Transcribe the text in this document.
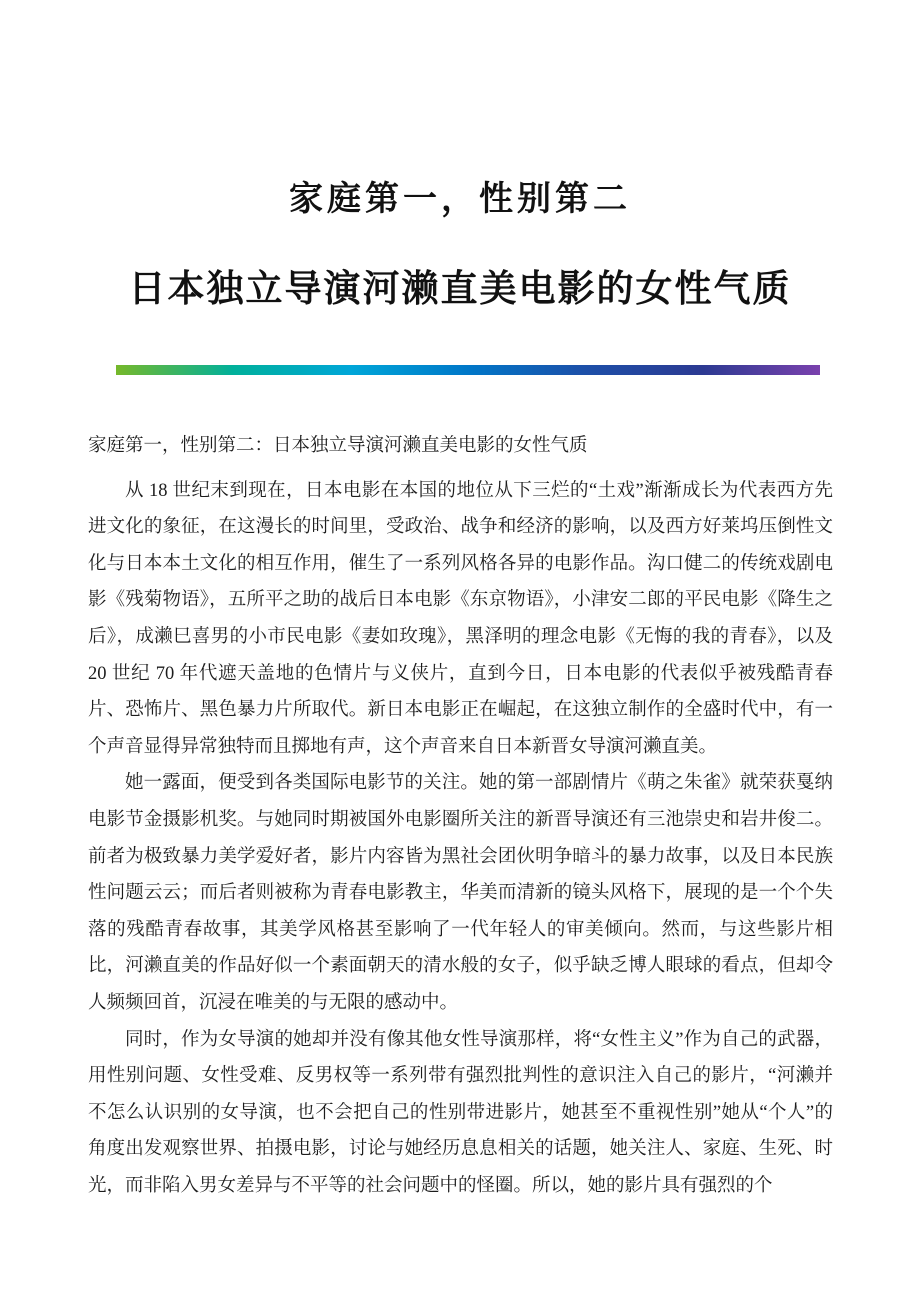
家庭第一，性别第二
日本独立导演河濑直美电影的女性气质
家庭第一，性别第二：日本独立导演河濑直美电影的女性气质

从 18 世纪末到现在，日本电影在本国的地位从下三烂的“土戏”渐渐成长为代表西方先进文化的象征，在这漫长的时间里，受政治、战争和经济的影响，以及西方好莱坞压倒性文化与日本本土文化的相互作用，催生了一系列风格各异的电影作品。沟口健二的传统戏剧电影《残菊物语》，五所平之助的战后日本电影《东京物语》，小津安二郎的平民电影《降生之后》，成濑巳喜男的小市民电影《妻如玫瑰》，黑泽明的理念电影《无悔的我的青春》，以及 20 世纪 70 年代遮天盖地的色情片与义侠片，直到今日，日本电影的代表似乎被残酷青春片、恐怖片、黑色暴力片所取代。新日本电影正在崛起，在这独立制作的全盛时代中，有一个声音显得异常独特而且掷地有声，这个声音来自日本新晋女导演河濑直美。

她一露面，便受到各类国际电影节的关注。她的第一部剧情片《萌之朱雀》就荣获戛纳电影节金摄影机奖。与她同时期被国外电影圈所关注的新晋导演还有三池崇史和岩井俊二。前者为极致暴力美学爱好者，影片内容皆为黑社会团伙明争暗斗的暴力故事，以及日本民族性问题云云；而后者则被称为青春电影教主，华美而清新的镜头风格下，展现的是一个个失落的残酷青春故事，其美学风格甚至影响了一代年轻人的审美倾向。然而，与这些影片相比，河濑直美的作品好似一个素面朝天的清水般的女子，似乎缺乏博人眼球的看点，但却令人频频回首，沉浸在唯美的与无限的感动中。

同时，作为女导演的她却并没有像其他女性导演那样，将“女性主义”作为自己的武器，用性别问题、女性受难、反男权等一系列带有强烈批判性的意识注入自己的影片，“河濑并不怎么认识别的女导演，也不会把自己的性别带进影片，她甚至不重视性别”她从“个人”的角度出发观察世界、拍摄电影，讨论与她经历息息相关的话题，她关注人、家庭、生死、时光，而非陷入男女差异与不平等的社会问题中的怪圈。所以，她的影片具有强烈的个
